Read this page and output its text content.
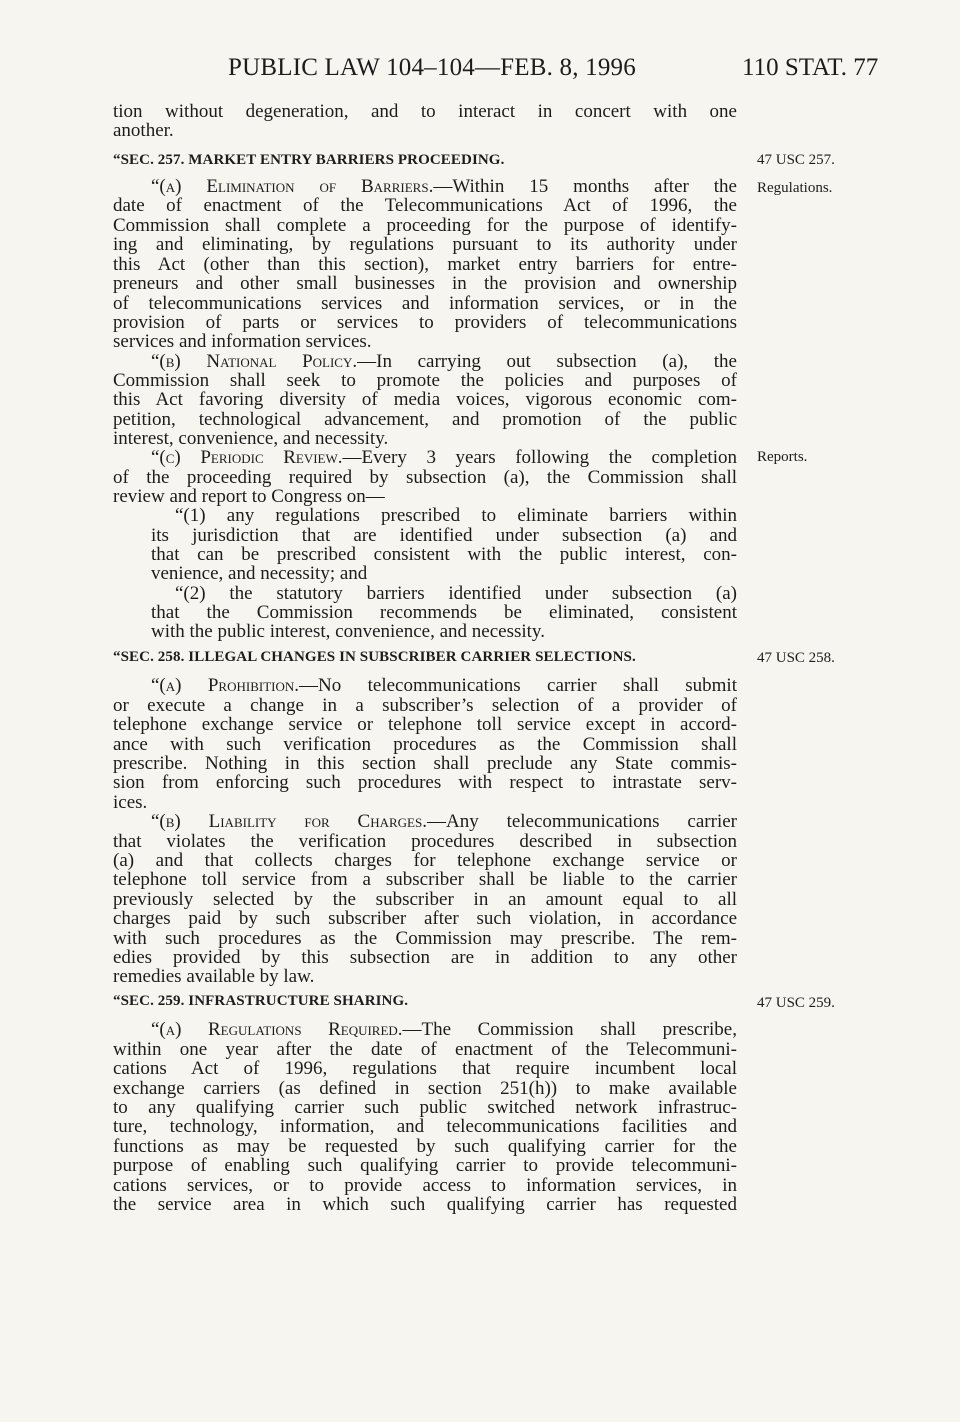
PUBLIC LAW 104–104—FEB. 8, 1996	110 STAT. 77
tion without degeneration, and to interact in concert with one
another.
“SEC. 257. MARKET ENTRY BARRIERS PROCEEDING.	47 USC 257.
Regulations.
“(a) Elimination of Barriers.—Within 15 months after the
date of enactment of the Telecommunications Act of 1996, the
Commission shall complete a proceeding for the purpose of identify-
ing and eliminating, by regulations pursuant to its authority under
this Act (other than this section), market entry barriers for entre-
preneurs and other small businesses in the provision and ownership
of telecommunications services and information services, or in the
provision of parts or services to providers of telecommunications
services and information services.
“(b) National Policy.—In carrying out subsection (a), the
Commission shall seek to promote the policies and purposes of
this Act favoring diversity of media voices, vigorous economic com-
petition, technological advancement, and promotion of the public
interest, convenience, and necessity.
Reports.
“(c) Periodic Review.—Every 3 years following the completion
of the proceeding required by subsection (a), the Commission shall
review and report to Congress on—
“(1) any regulations prescribed to eliminate barriers within
its jurisdiction that are identified under subsection (a) and
that can be prescribed consistent with the public interest, con-
venience, and necessity; and
“(2) the statutory barriers identified under subsection (a)
that the Commission recommends be eliminated, consistent
with the public interest, convenience, and necessity.
“SEC. 258. ILLEGAL CHANGES IN SUBSCRIBER CARRIER SELECTIONS.	47 USC 258.
“(a) Prohibition.—No telecommunications carrier shall submit
or execute a change in a subscriber’s selection of a provider of
telephone exchange service or telephone toll service except in accord-
ance with such verification procedures as the Commission shall
prescribe. Nothing in this section shall preclude any State commis-
sion from enforcing such procedures with respect to intrastate serv-
ices.
“(b) Liability for Charges.—Any telecommunications carrier
that violates the verification procedures described in subsection
(a) and that collects charges for telephone exchange service or
telephone toll service from a subscriber shall be liable to the carrier
previously selected by the subscriber in an amount equal to all
charges paid by such subscriber after such violation, in accordance
with such procedures as the Commission may prescribe. The rem-
edies provided by this subsection are in addition to any other
remedies available by law.
“SEC. 259. INFRASTRUCTURE SHARING.	47 USC 259.
“(a) Regulations Required.—The Commission shall prescribe,
within one year after the date of enactment of the Telecommuni-
cations Act of 1996, regulations that require incumbent local
exchange carriers (as defined in section 251(h)) to make available
to any qualifying carrier such public switched network infrastruc-
ture, technology, information, and telecommunications facilities and
functions as may be requested by such qualifying carrier for the
purpose of enabling such qualifying carrier to provide telecommuni-
cations services, or to provide access to information services, in
the service area in which such qualifying carrier has requested
